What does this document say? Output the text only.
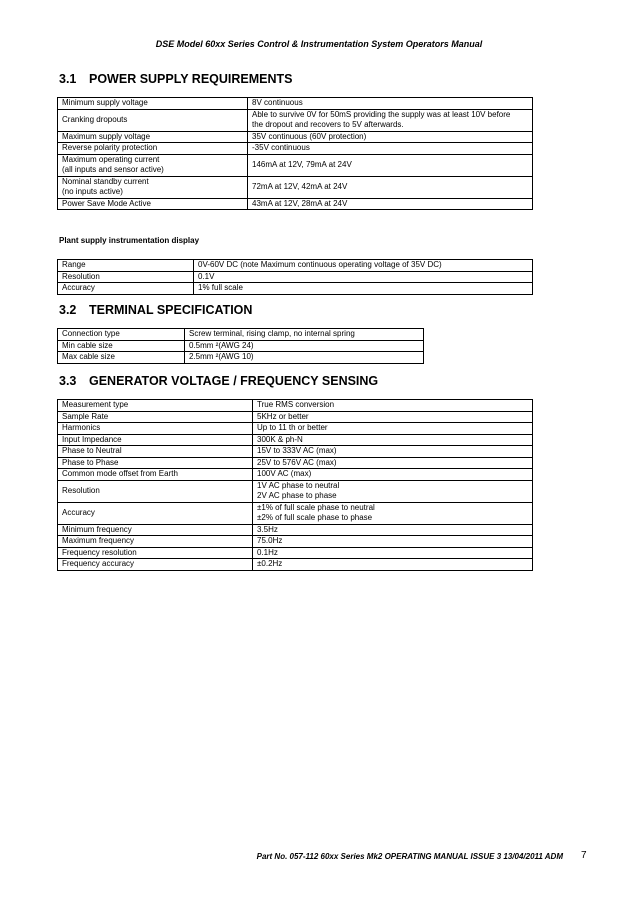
DSE Model 60xx Series Control & Instrumentation System Operators Manual
3.1 POWER SUPPLY REQUIREMENTS
Minimum supply voltage	8V continuous

Cranking dropouts	Able to survive 0V for 50mS providing the supply was at least 10V before
the dropout and recovers to 5V afterwards.

Maximum supply voltage	35V continuous (60V protection)

Reverse polarity protection	-35V continuous

Maximum operating current
(all inputs and sensor active)	146mA at 12V, 79mA at 24V

Nominal standby current
(no inputs active)	72mA at 12V, 42mA at 24V

Power Save Mode Active	43mA at 12V, 28mA at 24V
Plant supply instrumentation display
Range	0V-60V DC (note Maximum continuous operating voltage of 35V DC)

Resolution	0.1V

Accuracy	1% full scale
3.2 TERMINAL SPECIFICATION
Connection type	Screw terminal, rising clamp, no internal spring

Min cable size	0.5mm ²(AWG 24)

Max cable size	2.5mm ²(AWG 10)
3.3 GENERATOR VOLTAGE / FREQUENCY SENSING
Measurement type	True RMS conversion

Sample Rate	5KHz or better

Harmonics	Up to 11 th or better

Input Impedance	300K & ph-N

Phase to Neutral	15V to 333V AC (max)

Phase to Phase	25V to 576V AC (max)

Common mode offset from Earth	100V AC (max)

Resolution	1V AC phase to neutral
2V AC phase to phase

Accuracy	±1% of full scale phase to neutral
±2% of full scale phase to phase

Minimum frequency	3.5Hz

Maximum frequency	75.0Hz

Frequency resolution	0.1Hz

Frequency accuracy	±0.2Hz
Part No. 057-112 60xx Series Mk2 OPERATING MANUAL ISSUE 3 13/04/2011 ADM 7
